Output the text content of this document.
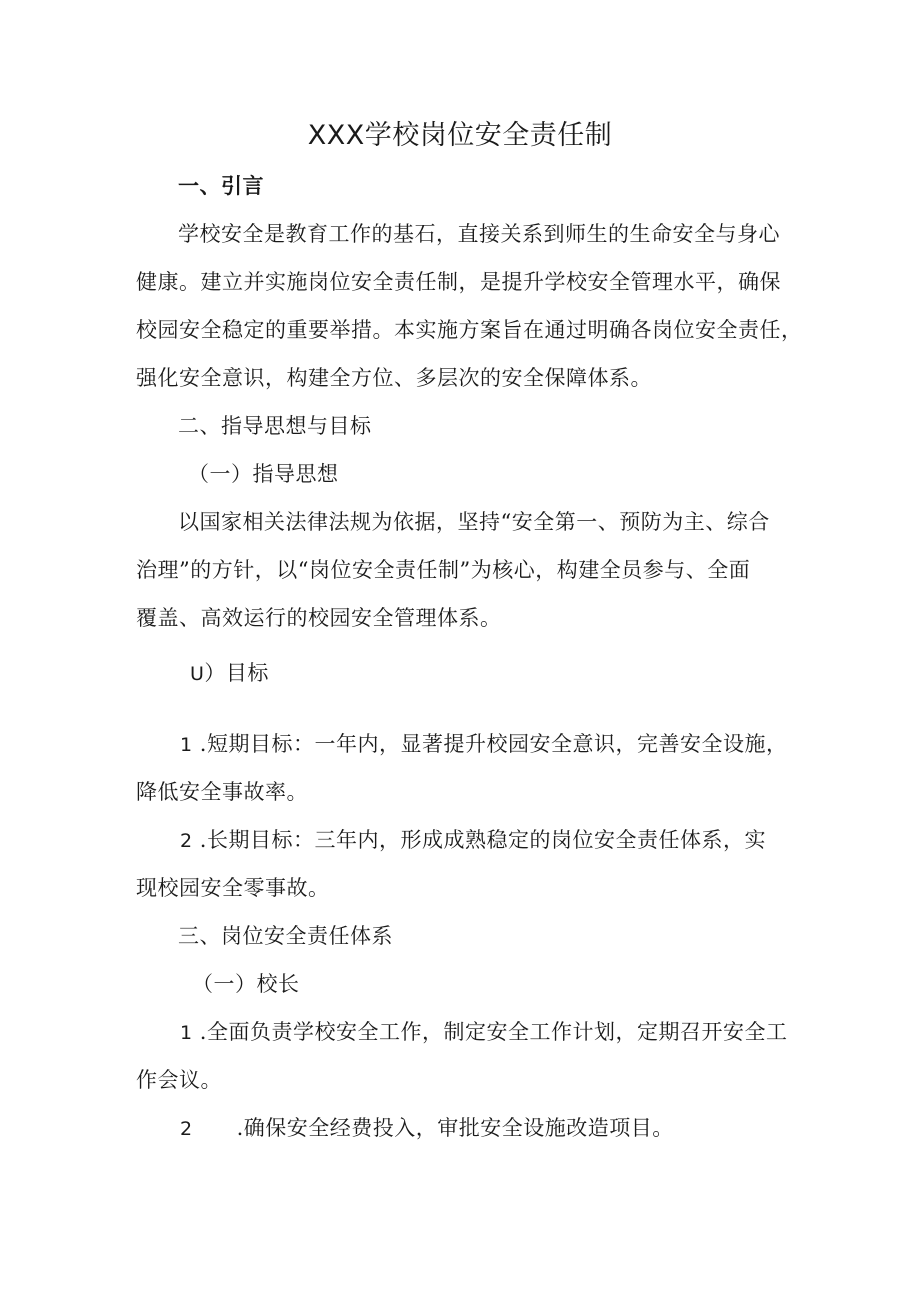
XXX学校岗位安全责任制
一、引言
学校安全是教育工作的基石，直接关系到师生的生命安全与身心
健康。建立并实施岗位安全责任制，是提升学校安全管理水平，确保
校园安全稳定的重要举措。本实施方案旨在通过明确各岗位安全责任，
强化安全意识，构建全方位、多层次的安全保障体系。
二、指导思想与目标
（一）指导思想
以国家相关法律法规为依据，坚持“安全第一、预防为主、综合
治理”的方针，以“岗位安全责任制”为核心，构建全员参与、全面
覆盖、高效运行的校园安全管理体系。
U）目标
1 .短期目标：一年内，显著提升校园安全意识，完善安全设施，
降低安全事故率。
2 .长期目标：三年内，形成成熟稳定的岗位安全责任体系，实
现校园安全零事故。
三、岗位安全责任体系
（一）校长
1 .全面负责学校安全工作，制定安全工作计划，定期召开安全工
作会议。
2 .确保安全经费投入，审批安全设施改造项目。
